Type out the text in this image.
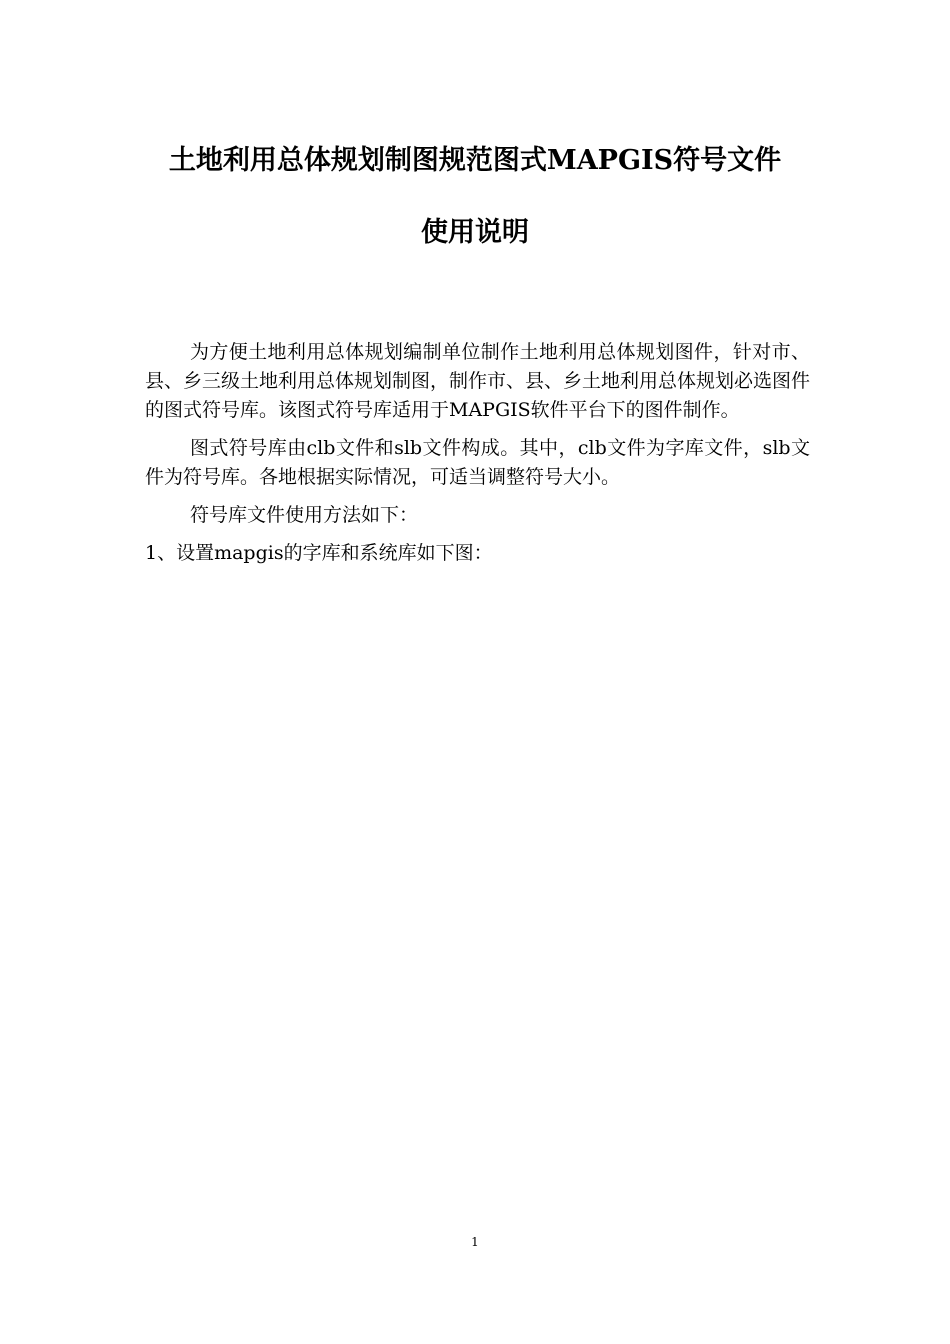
土地利用总体规划制图规范图式MAPGIS符号文件
使用说明

为方便土地利用总体规划编制单位制作土地利用总体规划图件，针对市、县、乡三级土地利用总体规划制图，制作市、县、乡土地利用总体规划必选图件的图式符号库。该图式符号库适用于MAPGIS软件平台下的图件制作。

图式符号库由clb文件和slb文件构成。其中，clb文件为字库文件，slb文件为符号库。各地根据实际情况，可适当调整符号大小。

符号库文件使用方法如下：

1、设置mapgis的字库和系统库如下图：

1
